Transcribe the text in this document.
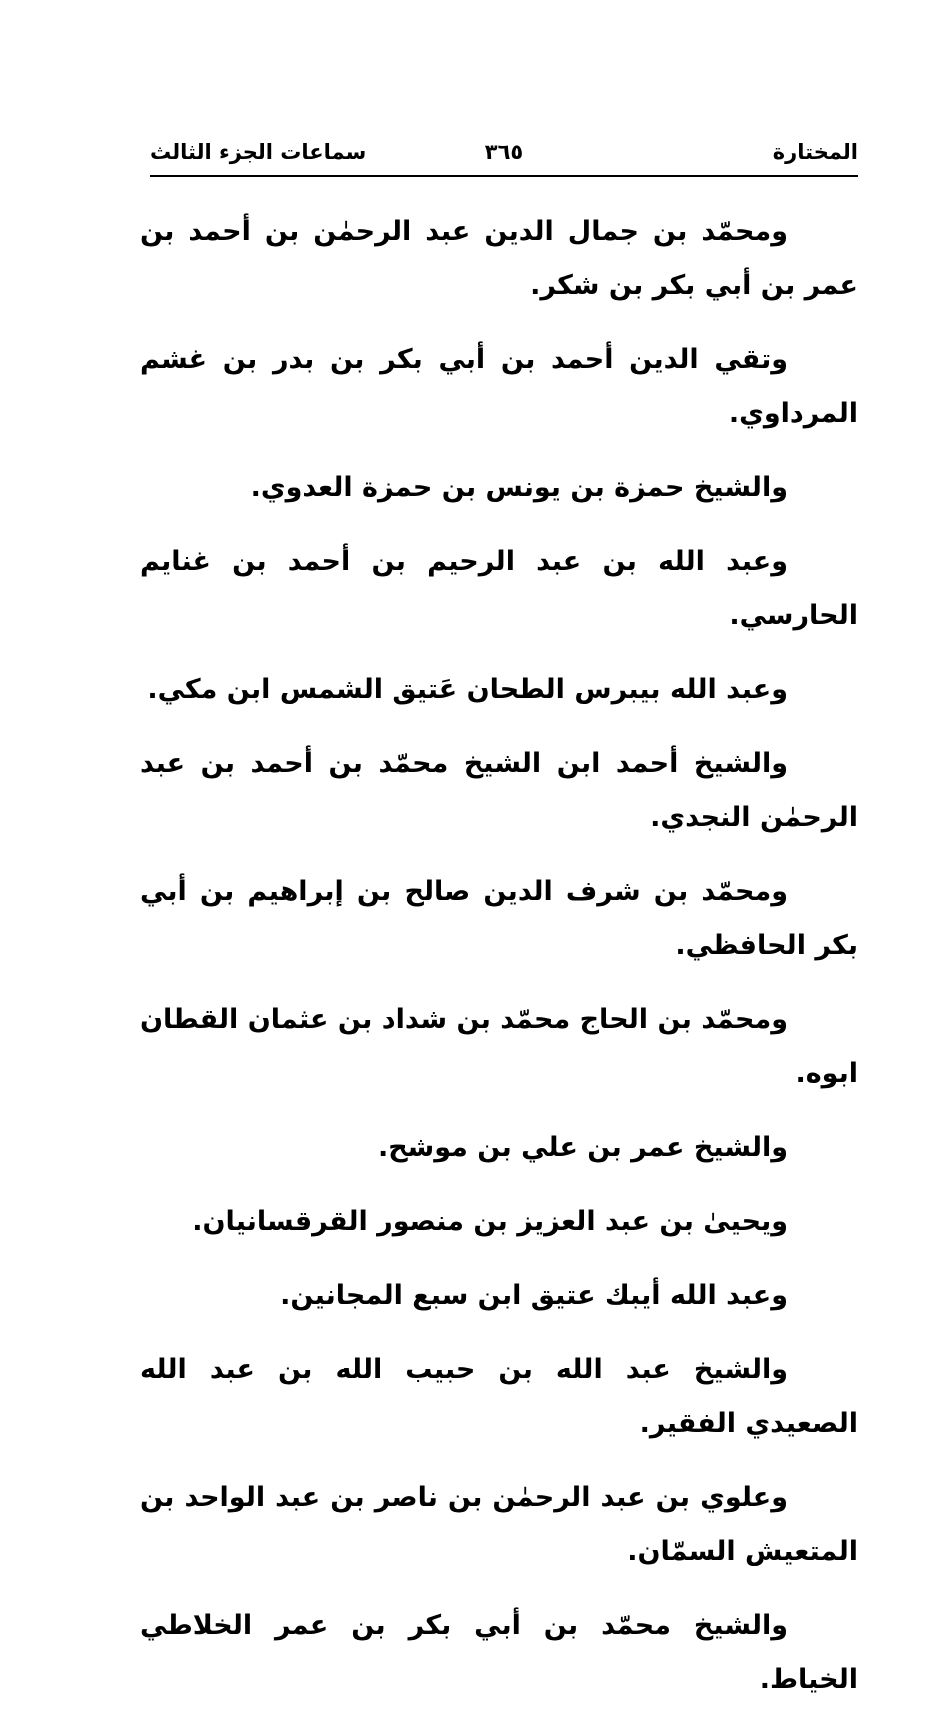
المختارة
٣٦٥
سماعات الجزء الثالث

ومحمّد بن جمال الدين عبد الرحمٰن بن أحمد بن عمر بن أبي بكر بن شكر.

وتقي الدين أحمد بن أبي بكر بن بدر بن غشم المرداوي.

والشيخ حمزة بن يونس بن حمزة العدوي.

وعبد الله بن عبد الرحيم بن أحمد بن غنايم الحارسي.

وعبد الله بيبرس الطحان عَتيق الشمس ابن مكي.

والشيخ أحمد ابن الشيخ محمّد بن أحمد بن عبد الرحمٰن النجدي.

ومحمّد بن شرف الدين صالح بن إبراهيم بن أبي بكر الحافظي.

ومحمّد بن الحاج محمّد بن شداد بن عثمان القطان ابوه.

والشيخ عمر بن علي بن موشح.

ويحيىٰ بن عبد العزيز بن منصور القرقسانيان.

وعبد الله أيبك عتيق ابن سبع المجانين.

والشيخ عبد الله بن حبيب الله بن عبد الله الصعيدي الفقير.

وعلوي بن عبد الرحمٰن بن ناصر بن عبد الواحد بن المتعيش السمّان.

والشيخ محمّد بن أبي بكر بن عمر الخلاطي الخياط.
